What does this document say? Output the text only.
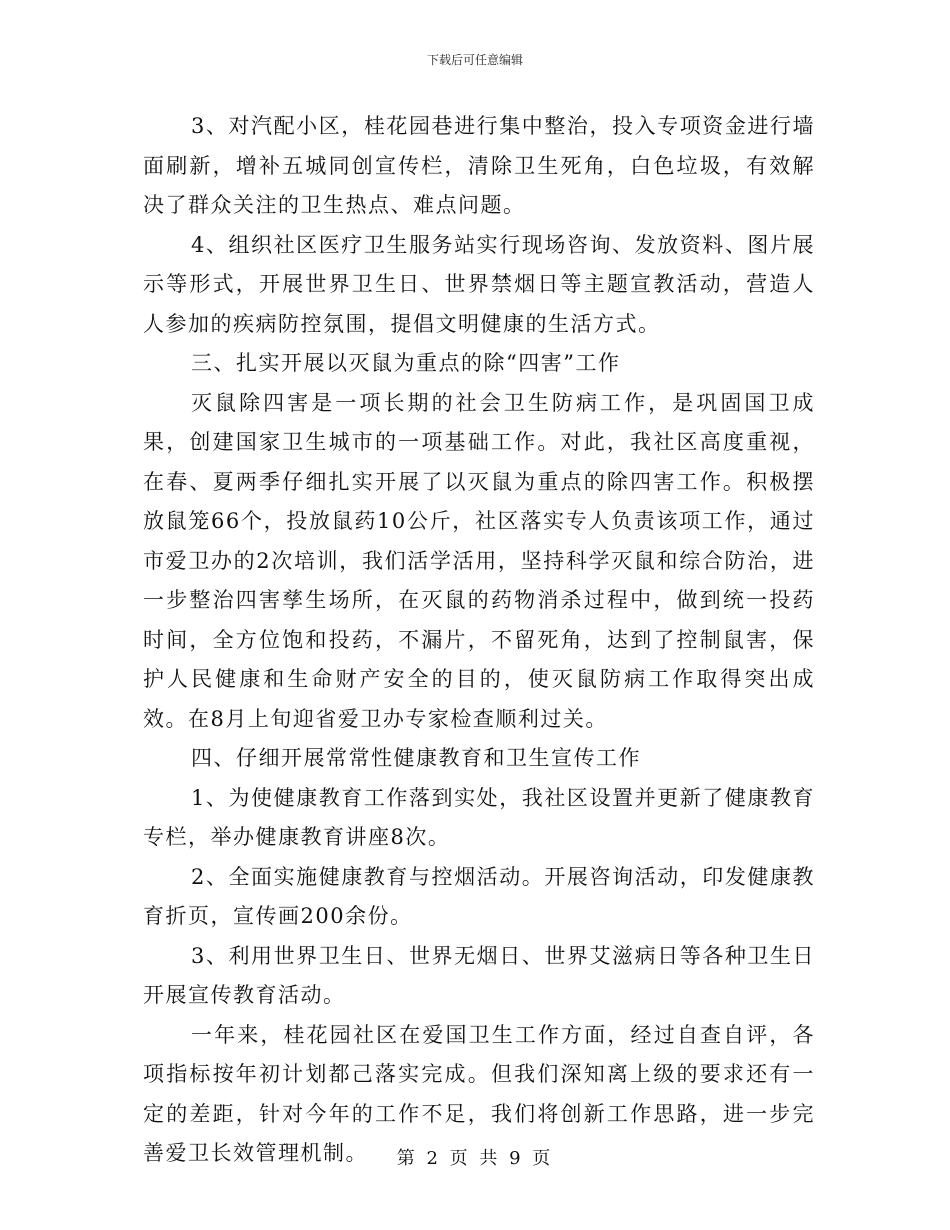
下载后可任意编辑

3、对汽配小区，桂花园巷进行集中整治，投入专项资金进行墙面刷新，增补五城同创宣传栏，清除卫生死角，白色垃圾，有效解决了群众关注的卫生热点、难点问题。

4、组织社区医疗卫生服务站实行现场咨询、发放资料、图片展示等形式，开展世界卫生日、世界禁烟日等主题宣教活动，营造人人参加的疾病防控氛围，提倡文明健康的生活方式。

三、扎实开展以灭鼠为重点的除“四害”工作

灭鼠除四害是一项长期的社会卫生防病工作，是巩固国卫成果，创建国家卫生城市的一项基础工作。对此，我社区高度重视，在春、夏两季仔细扎实开展了以灭鼠为重点的除四害工作。积极摆放鼠笼66个，投放鼠药10公斤，社区落实专人负责该项工作，通过市爱卫办的2次培训，我们活学活用，坚持科学灭鼠和综合防治，进一步整治四害孳生场所，在灭鼠的药物消杀过程中，做到统一投药时间，全方位饱和投药，不漏片，不留死角，达到了控制鼠害，保护人民健康和生命财产安全的目的，使灭鼠防病工作取得突出成效。在8月上旬迎省爱卫办专家检查顺利过关。

四、仔细开展常常性健康教育和卫生宣传工作

1、为使健康教育工作落到实处，我社区设置并更新了健康教育专栏，举办健康教育讲座8次。

2、全面实施健康教育与控烟活动。开展咨询活动，印发健康教育折页，宣传画200余份。

3、利用世界卫生日、世界无烟日、世界艾滋病日等各种卫生日开展宣传教育活动。

一年来，桂花园社区在爱国卫生工作方面，经过自查自评，各项指标按年初计划都己落实完成。但我们深知离上级的要求还有一定的差距，针对今年的工作不足，我们将创新工作思路，进一步完善爱卫长效管理机制。	第 2 页 共 9 页
